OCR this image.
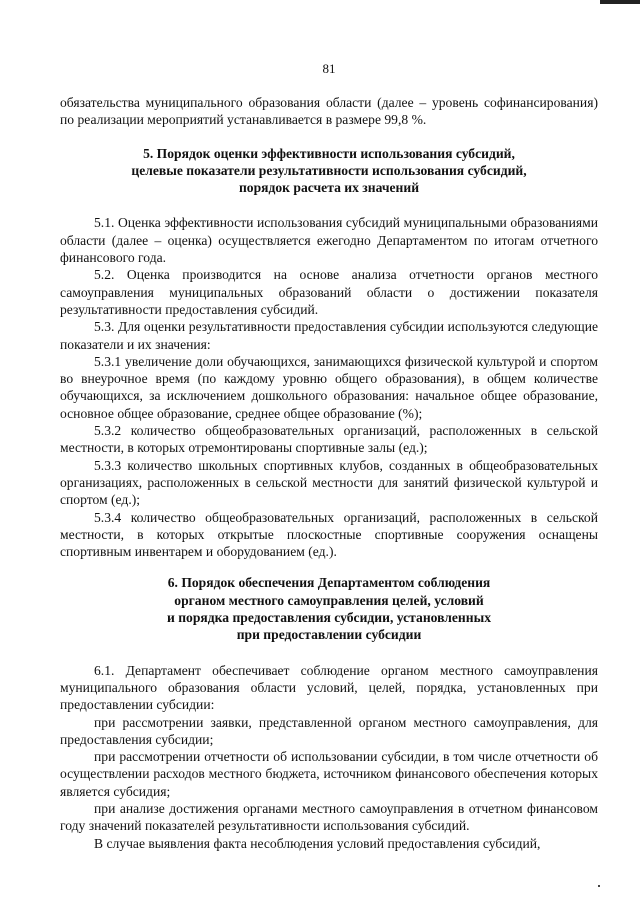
81

обязательства муниципального образования области (далее – уровень софинансирования) по реализации мероприятий устанавливается в размере 99,8 %.

5. Порядок оценки эффективности использования субсидий,
целевые показатели результативности использования субсидий,
порядок расчета их значений

5.1. Оценка эффективности использования субсидий муниципальными образованиями области (далее – оценка) осуществляется ежегодно Департаментом по итогам отчетного финансового года.

5.2. Оценка производится на основе анализа отчетности органов местного самоуправления муниципальных образований области о достижении показателя результативности предоставления субсидий.

5.3. Для оценки результативности предоставления субсидии используются следующие показатели и их значения:

5.3.1 увеличение доли обучающихся, занимающихся физической культурой и спортом во внеурочное время (по каждому уровню общего образования), в общем количестве обучающихся, за исключением дошкольного образования: начальное общее образование, основное общее образование, среднее общее образование (%);

5.3.2 количество общеобразовательных организаций, расположенных в сельской местности, в которых отремонтированы спортивные залы (ед.);

5.3.3 количество школьных спортивных клубов, созданных в общеобразовательных организациях, расположенных в сельской местности для занятий физической культурой и спортом (ед.);

5.3.4 количество общеобразовательных организаций, расположенных в сельской местности, в которых открытые плоскостные спортивные сооружения оснащены спортивным инвентарем и оборудованием (ед.).

6. Порядок обеспечения Департаментом соблюдения
органом местного самоуправления целей, условий
и порядка предоставления субсидии, установленных
при предоставлении субсидии

6.1. Департамент обеспечивает соблюдение органом местного самоуправления муниципального образования области условий, целей, порядка, установленных при предоставлении субсидии:

при рассмотрении заявки, представленной органом местного самоуправления, для предоставления субсидии;

при рассмотрении отчетности об использовании субсидии, в том числе отчетности об осуществлении расходов местного бюджета, источником финансового обеспечения которых является субсидия;

при анализе достижения органами местного самоуправления в отчетном финансовом году значений показателей результативности использования субсидий.

В случае выявления факта несоблюдения условий предоставления субсидий,
